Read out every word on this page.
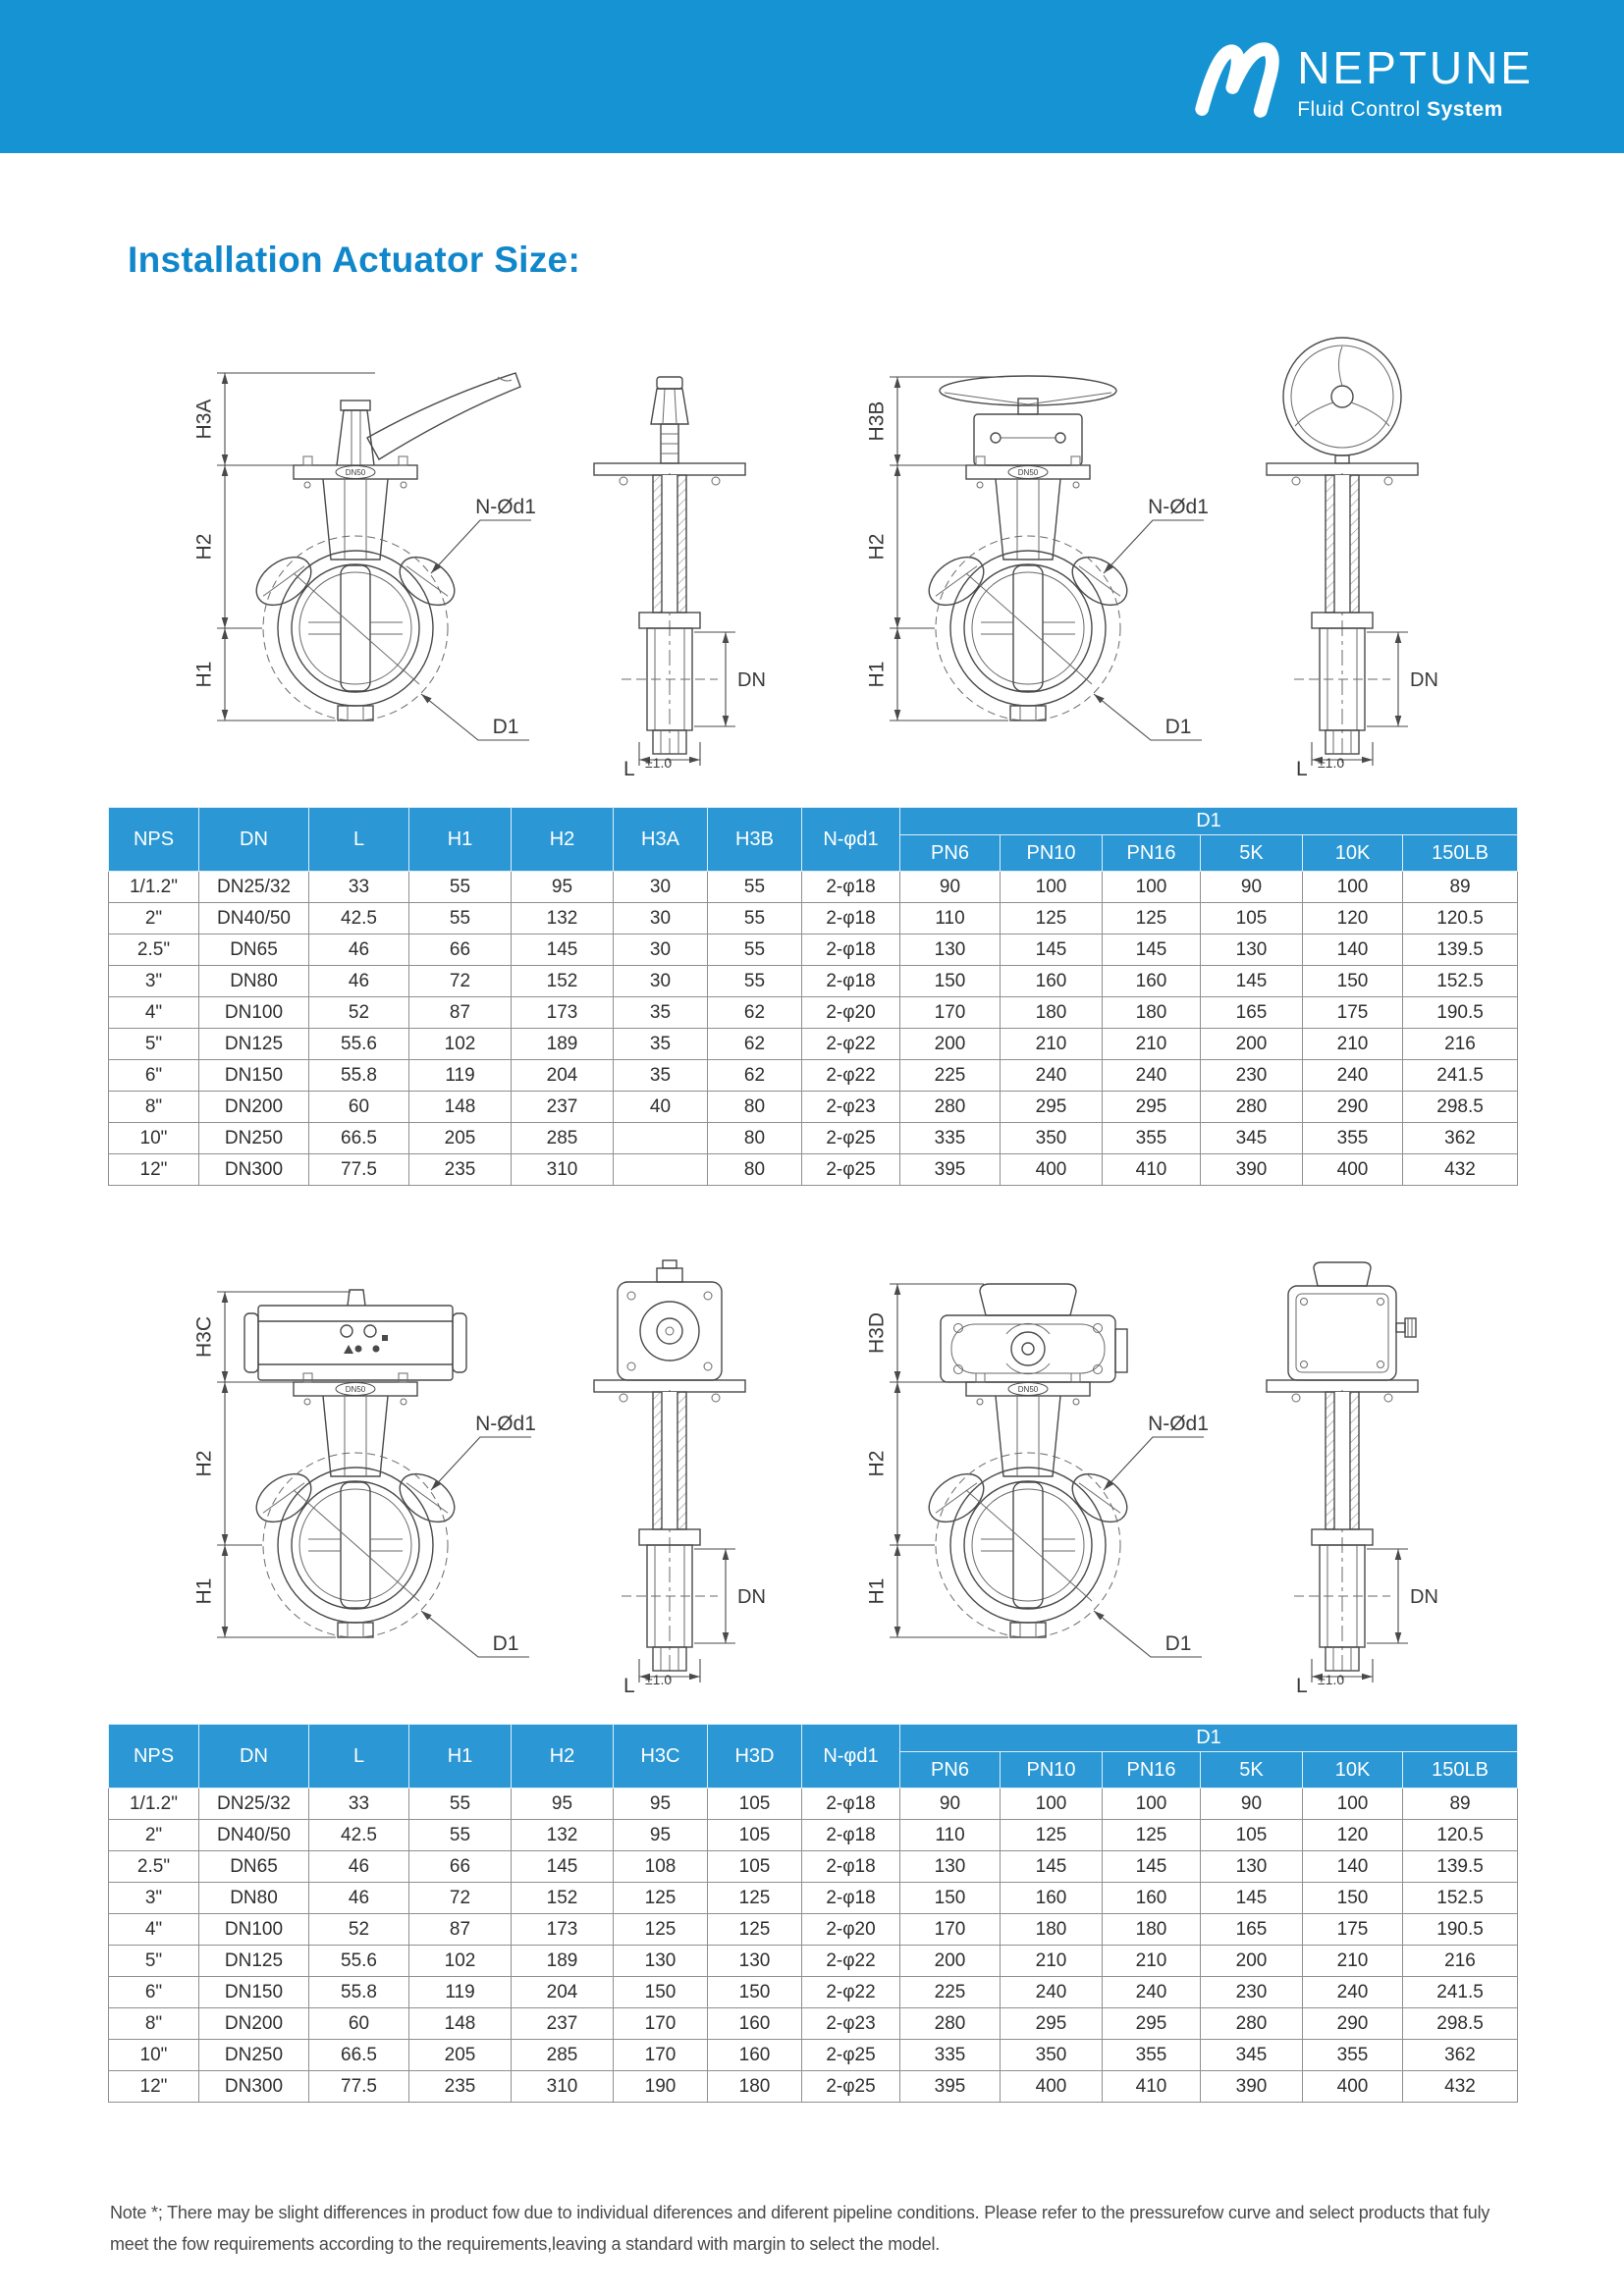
NEPTUNE
Fluid Control System
Installation Actuator Size:
H3A
H2
H1
DN50
N-Ød1
D1
DN
L ±1.0
H3B
H2
H1
DN50
N-Ød1
D1
DN
L ±1.0
NPS	DN	L	H1	H2	H3A	H3B	N-φd1	D1					
								PN6	PN10	PN16	5K	10K	150LB
1/1.2"	DN25/32	33	55	95	30	55	2-φ18	90	100	100	90	100	89
2"	DN40/50	42.5	55	132	30	55	2-φ18	110	125	125	105	120	120.5
2.5"	DN65	46	66	145	30	55	2-φ18	130	145	145	130	140	139.5
3"	DN80	46	72	152	30	55	2-φ18	150	160	160	145	150	152.5
4"	DN100	52	87	173	35	62	2-φ20	170	180	180	165	175	190.5
5"	DN125	55.6	102	189	35	62	2-φ22	200	210	210	200	210	216
6"	DN150	55.8	119	204	35	62	2-φ22	225	240	240	230	240	241.5
8"	DN200	60	148	237	40	80	2-φ23	280	295	295	280	290	298.5
10"	DN250	66.5	205	285		80	2-φ25	335	350	355	345	355	362
12"	DN300	77.5	235	310		80	2-φ25	395	400	410	390	400	432
H3C
H2
H1
DN50
N-Ød1
D1
DN
L ±1.0
H3D
H2
H1
DN50
N-Ød1
D1
DN
L ±1.0
NPS	DN	L	H1	H2	H3C	H3D	N-φd1	D1					
								PN6	PN10	PN16	5K	10K	150LB
1/1.2"	DN25/32	33	55	95	95	105	2-φ18	90	100	100	90	100	89
2"	DN40/50	42.5	55	132	95	105	2-φ18	110	125	125	105	120	120.5
2.5"	DN65	46	66	145	108	105	2-φ18	130	145	145	130	140	139.5
3"	DN80	46	72	152	125	125	2-φ18	150	160	160	145	150	152.5
4"	DN100	52	87	173	125	125	2-φ20	170	180	180	165	175	190.5
5"	DN125	55.6	102	189	130	130	2-φ22	200	210	210	200	210	216
6"	DN150	55.8	119	204	150	150	2-φ22	225	240	240	230	240	241.5
8"	DN200	60	148	237	170	160	2-φ23	280	295	295	280	290	298.5
10"	DN250	66.5	205	285	170	160	2-φ25	335	350	355	345	355	362
12"	DN300	77.5	235	310	190	180	2-φ25	395	400	410	390	400	432
Note *; There may be slight differences in product fow due to individual diferences and diferent pipeline conditions. Please refer to the pressurefow curve and select products that fuly meet the fow requirements according to the requirements,leaving a standard with margin to select the model.
